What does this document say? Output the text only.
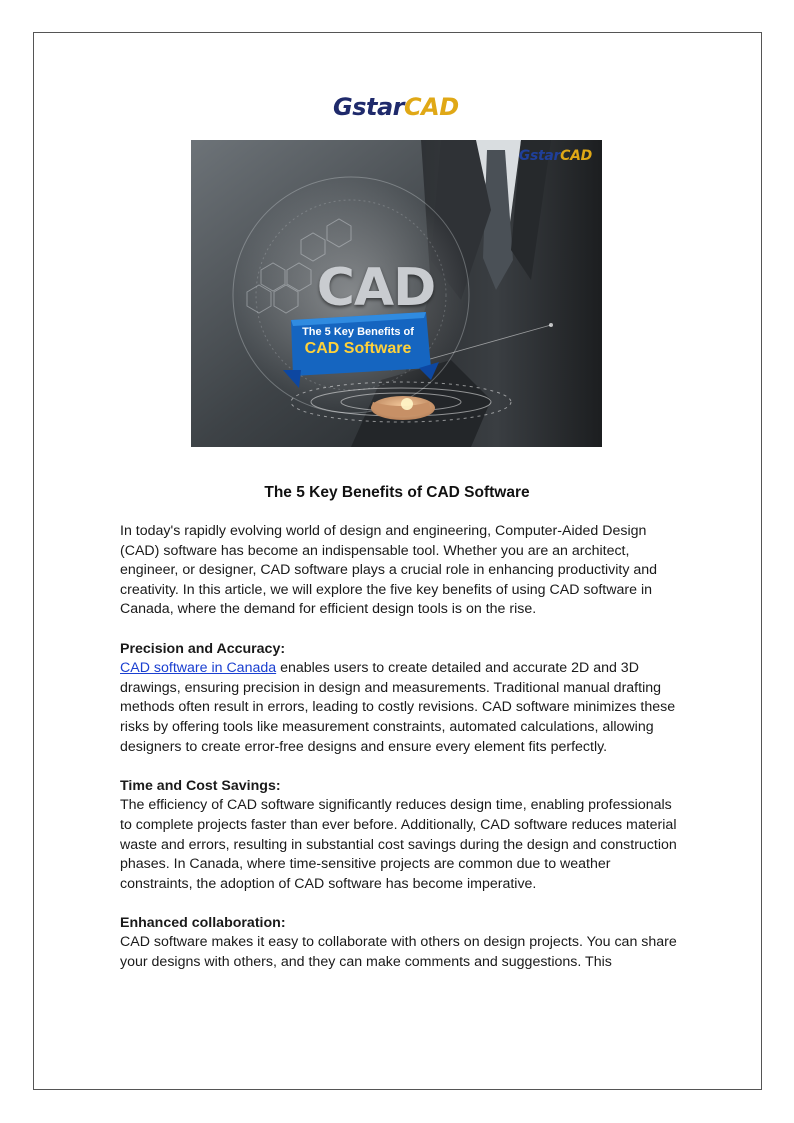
GstarCAD
GstarCAD
CAD
The 5 Key Benefits of
CAD Software
The 5 Key Benefits of CAD Software

In today's rapidly evolving world of design and engineering, Computer-Aided Design (CAD) software has become an indispensable tool. Whether you are an architect, engineer, or designer, CAD software plays a crucial role in enhancing productivity and creativity. In this article, we will explore the five key benefits of using CAD software in Canada, where the demand for efficient design tools is on the rise.

Precision and Accuracy:
CAD software in Canada enables users to create detailed and accurate 2D and 3D drawings, ensuring precision in design and measurements. Traditional manual drafting methods often result in errors, leading to costly revisions. CAD software minimizes these risks by offering tools like measurement constraints, automated calculations, allowing designers to create error-free designs and ensure every element fits perfectly.

Time and Cost Savings:
The efficiency of CAD software significantly reduces design time, enabling professionals to complete projects faster than ever before. Additionally, CAD software reduces material waste and errors, resulting in substantial cost savings during the design and construction phases. In Canada, where time-sensitive projects are common due to weather constraints, the adoption of CAD software has become imperative.

Enhanced collaboration:
CAD software makes it easy to collaborate with others on design projects. You can share your designs with others, and they can make comments and suggestions. This
